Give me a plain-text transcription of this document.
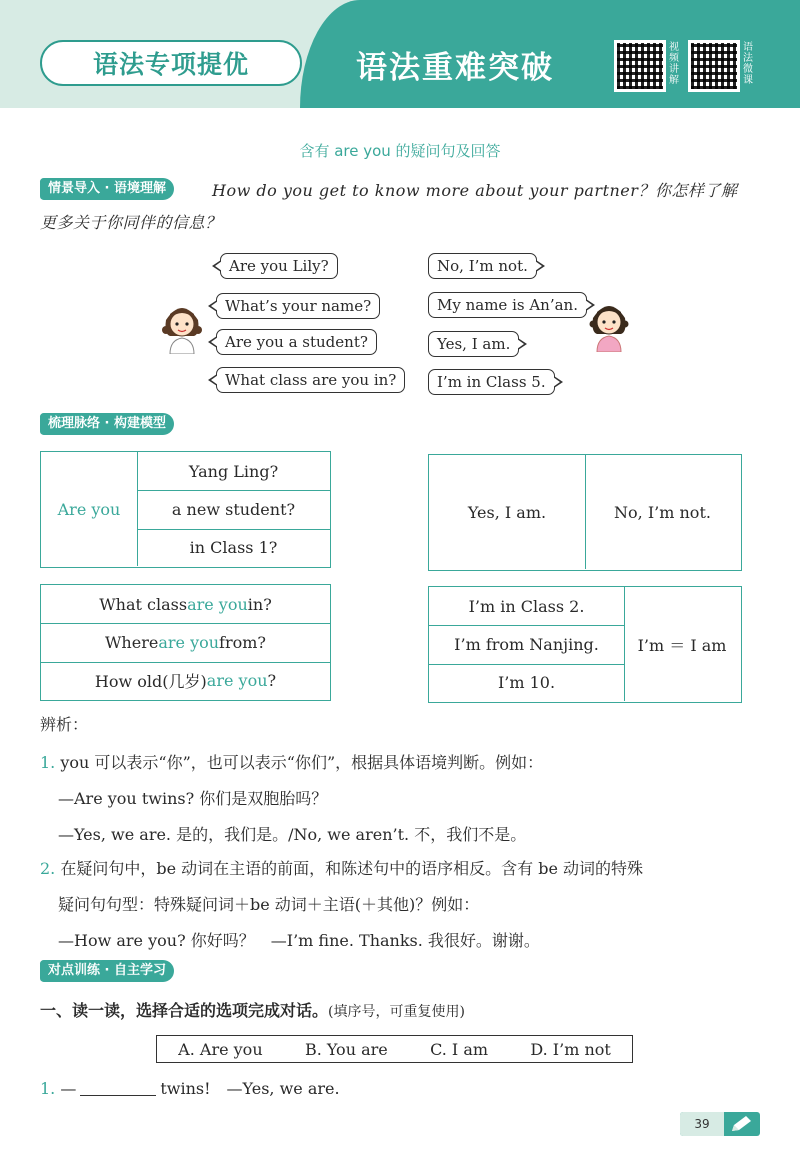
语法专项提优	语法重难突破
视频讲解
语法微课
含有 are you 的疑问句及回答
情景导入 · 语境理解	How do you get to know more about your partner？你怎样了解
更多关于你同伴的信息？
Are you Lily?
What’s your name?
Are you a student?
What class are you in?
No, I’m not.
My name is An’an.
Yes, I am.
I’m in Class 5.
梳理脉络 · 构建模型
Are you
Yang Ling?
a new student?
in Class 1?
Yes, I am.	No, I’m not.
What class are you in?
Where are you from?
How old(几岁) are you ?
I’m in Class 2.
I’m from Nanjing.
I’m 10.
I’m ＝ I am
辨析：
1. you 可以表示“你”，也可以表示“你们”，根据具体语境判断。例如：
—Are you twins? 你们是双胞胎吗？
—Yes, we are. 是的，我们是。/No, we aren’t. 不，我们不是。
2. 在疑问句中，be 动词在主语的前面，和陈述句中的语序相反。含有 be 动词的特殊
疑问句句型：特殊疑问词＋be 动词＋主语(＋其他)？例如：
—How are you? 你好吗？　—I’m fine. Thanks. 我很好。谢谢。
对点训练 · 自主学习
一、读一读，选择合适的选项完成对话。(填序号，可重复使用)
A. Are you	B. You are	C. I am	D. I’m not
1. —	twins!　—Yes, we are.
39
